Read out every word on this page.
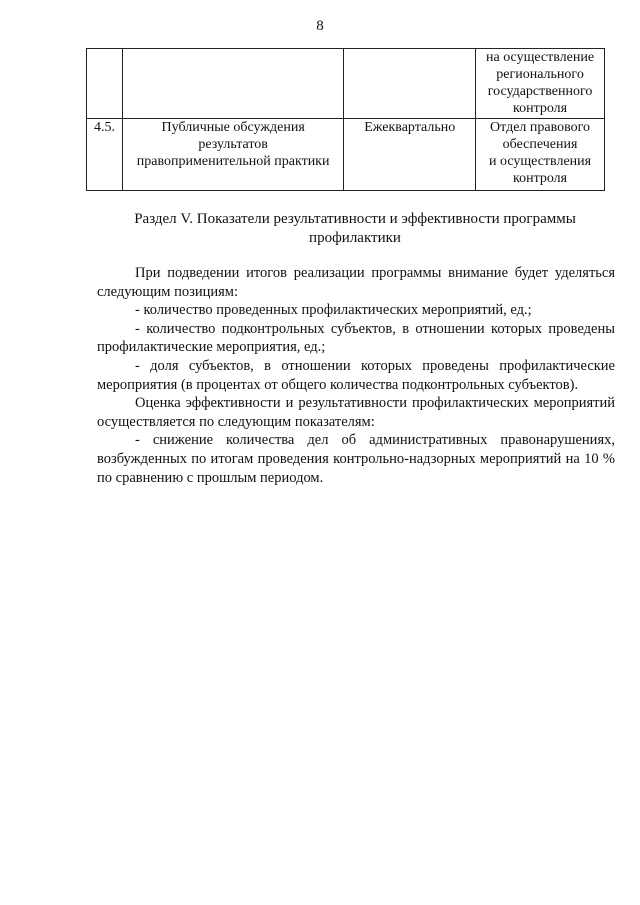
8

			на осуществление
регионального
государственного
контроля

4.5.	Публичные обсуждения
результатов
правоприменительной практики	Ежеквартально	Отдел правового
обеспечения
и осуществления
контроля
Раздел V. Показатели результативности и эффективности программы
профилактики

При подведении итогов реализации программы внимание будет уделяться следующим позициям:

- количество проведенных профилактических мероприятий, ед.;

- количество подконтрольных субъектов, в отношении которых проведены профилактические мероприятия, ед.;

- доля субъектов, в отношении которых проведены профилактические мероприятия (в процентах от общего количества подконтрольных субъектов).

Оценка эффективности и результативности профилактических мероприятий осуществляется по следующим показателям:

- снижение количества дел об административных правонарушениях, возбужденных по итогам проведения контрольно-надзорных мероприятий на 10 % по сравнению с прошлым периодом.
